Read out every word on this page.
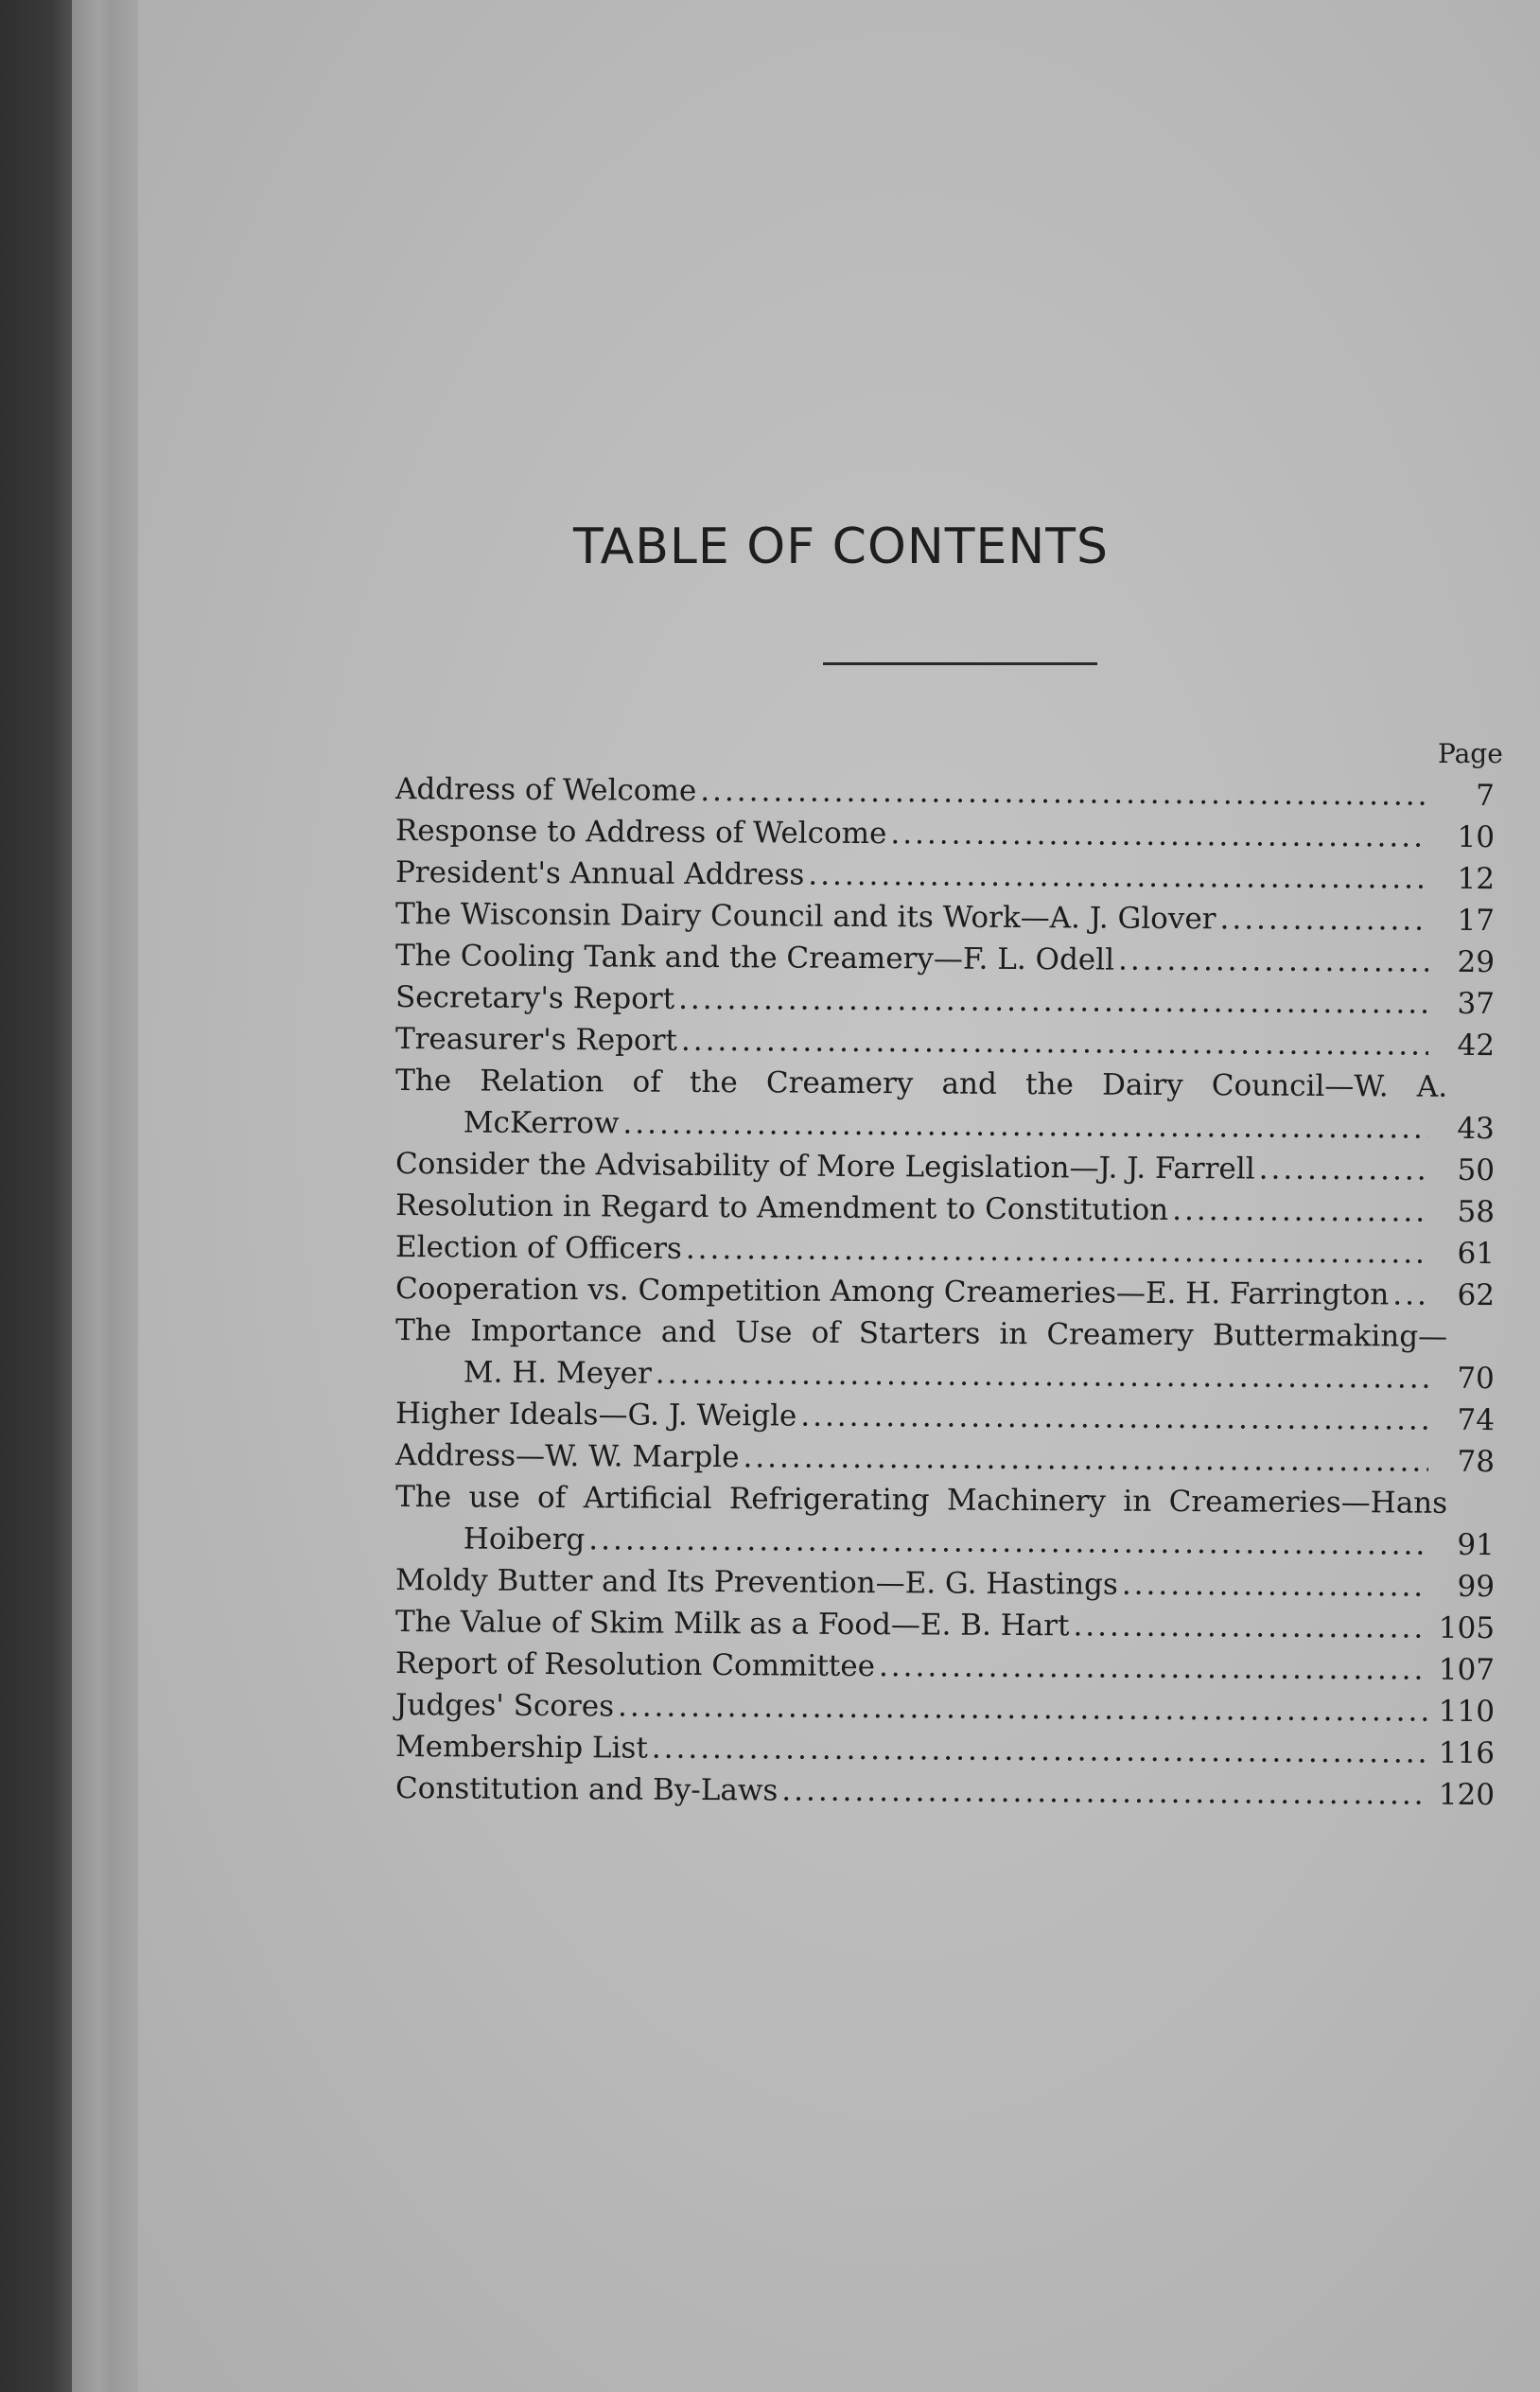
TABLE OF CONTENTS
Page
Address of Welcome .....	7
Response to Address of Welcome .....	10
President's Annual Address .....	12
The Wisconsin Dairy Council and its Work—A. J. Glover .....	17
The Cooling Tank and the Creamery—F. L. Odell .....	29
Secretary's Report .....	37
Treasurer's Report .....	42
The Relation of the Creamery and the Dairy Council—W. A.
McKerrow .....	43
Consider the Advisability of More Legislation—J. J. Farrell .....	50
Resolution in Regard to Amendment to Constitution .....	58
Election of Officers .....	61
Cooperation vs. Competition Among Creameries—E. H. Farrington .....	62
The Importance and Use of Starters in Creamery Buttermaking—
M. H. Meyer .....	70
Higher Ideals—G. J. Weigle .....	74
Address—W. W. Marple .....	78
The use of Artificial Refrigerating Machinery in Creameries—Hans
Hoiberg .....	91
Moldy Butter and Its Prevention—E. G. Hastings .....	99
The Value of Skim Milk as a Food—E. B. Hart .....	105
Report of Resolution Committee .....	107
Judges' Scores .....	110
Membership List .....	116
Constitution and By-Laws .....	120
